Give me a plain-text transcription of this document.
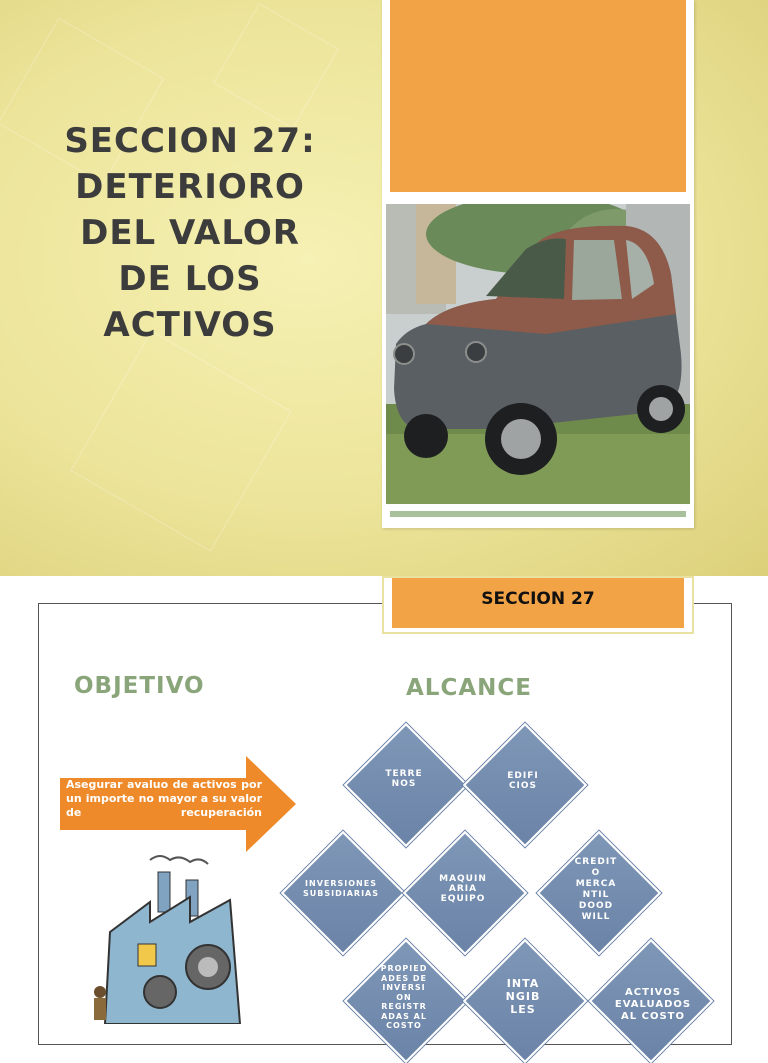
SECCION 27:
DETERIORO
DEL VALOR
DE LOS
ACTIVOS
SECCION 27
OBJETIVO	ALCANCE
Asegurar avaluo de activos por un importe no mayor a su valor de recuperación
TERRE
NOS
EDIFI
CIOS
INVERSIONES
SUBSIDIARIAS
MAQUIN
ARIA
EQUIPO
CREDIT
O
MERCA
NTIL
DOOD
WILL
PROPIED
ADES DE
INVERSI
ON
REGISTR
ADAS AL
COSTO
INTA
NGIB
LES
ACTIVOS
EVALUADOS
AL COSTO
